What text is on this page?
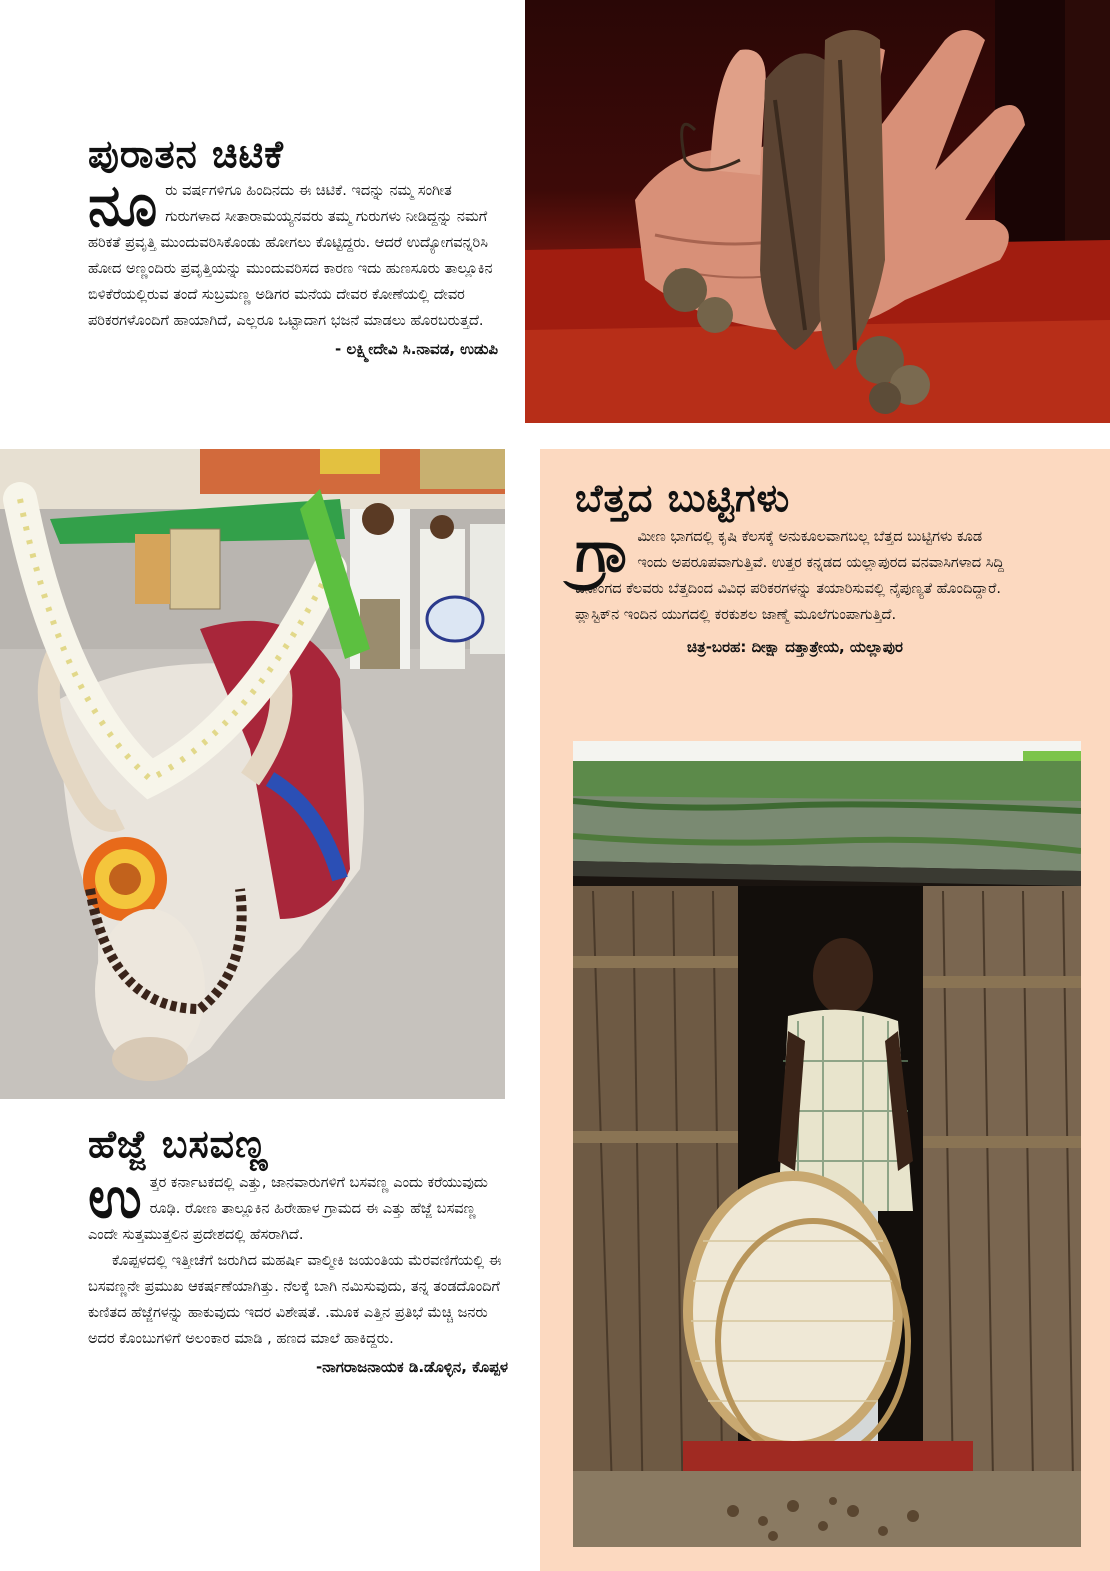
ಪುರಾತನ ಚಿಟಿಕೆ
ನೂ ರು ವರ್ಷಗಳಿಗೂ ಹಿಂದಿನದು ಈ ಚಿಟಿಕೆ. ಇದನ್ನು ನಮ್ಮ ಸಂಗೀತ ಗುರುಗಳಾದ ಸೀತಾರಾಮಯ್ಯನವರು ತಮ್ಮ ಗುರುಗಳು ನೀಡಿದ್ದನ್ನು ನಮಗೆ ಹರಿಕತೆ ಪ್ರವೃತ್ತಿ ಮುಂದುವರಿಸಿಕೊಂಡು ಹೋಗಲು ಕೊಟ್ಟಿದ್ದರು. ಆದರೆ ಉದ್ಯೋಗವನ್ನರಿಸಿ ಹೋದ ಅಣ್ಣಂದಿರು ಪ್ರವೃತ್ತಿಯನ್ನು ಮುಂದುವರಿಸದ ಕಾರಣ ಇದು ಹುಣಸೂರು ತಾಲ್ಲೂಕಿನ ಬಿಳಿಕೆರೆಯಲ್ಲಿರುವ ತಂದೆ ಸುಬ್ರಮಣ್ಣ ಅಡಿಗರ ಮನೆಯ ದೇವರ ಕೋಣೆಯಲ್ಲಿ ದೇವರ ಪರಿಕರಗಳೊಂದಿಗೆ ಹಾಯಾಗಿದೆ, ಎಲ್ಲರೂ ಒಟ್ಟಾದಾಗ ಭಜನೆ ಮಾಡಲು ಹೊರಬರುತ್ತದೆ.
- ಲಕ್ಷ್ಮೀದೇವಿ ಸಿ.ನಾವಡ, ಉಡುಪಿ
ಬೆತ್ತದ ಬುಟ್ಟಿಗಳು
ಗ್ರಾ ಮೀಣ ಭಾಗದಲ್ಲಿ ಕೃಷಿ ಕೆಲಸಕ್ಕೆ ಅನುಕೂಲವಾಗಬಲ್ಲ ಬೆತ್ತದ ಬುಟ್ಟಿಗಳು ಕೂಡ ಇಂದು ಅಪರೂಪವಾಗುತ್ತಿವೆ. ಉತ್ತರ ಕನ್ನಡದ ಯಲ್ಲಾಪುರದ ವನವಾಸಿಗಳಾದ ಸಿದ್ದಿ ಜನಾಂಗದ ಕೆಲವರು ಬೆತ್ತದಿಂದ ವಿವಿಧ ಪರಿಕರಗಳನ್ನು ತಯಾರಿಸುವಲ್ಲಿ ನೈಪುಣ್ಯತೆ ಹೊಂದಿದ್ದಾರೆ. ಪ್ಲಾಸ್ಟಿಕ್‌ನ ಇಂದಿನ ಯುಗದಲ್ಲಿ ಕರಕುಶಲ ಜಾಣ್ಮೆ ಮೂಲೆಗುಂಪಾಗುತ್ತಿದೆ.
ಚಿತ್ರ-ಬರಹ: ದೀಕ್ಷಾ ದತ್ತಾತ್ರೇಯ, ಯಲ್ಲಾಪುರ
ಹೆಜ್ಜೆ ಬಸವಣ್ಣ
ಉ ತ್ತರ ಕರ್ನಾಟಕದಲ್ಲಿ ಎತ್ತು, ಜಾನವಾರುಗಳಿಗೆ ಬಸವಣ್ಣ ಎಂದು ಕರೆಯುವುದು ರೂಢಿ. ರೋಣ ತಾಲ್ಲೂಕಿನ ಹಿರೇಹಾಳ ಗ್ರಾಮದ ಈ ಎತ್ತು ಹೆಜ್ಜೆ ಬಸವಣ್ಣ ಎಂದೇ ಸುತ್ತಮುತ್ತಲಿನ ಪ್ರದೇಶದಲ್ಲಿ ಹೆಸರಾಗಿದೆ.
ಕೊಪ್ಪಳದಲ್ಲಿ ಇತ್ತೀಚೆಗೆ ಜರುಗಿದ ಮಹರ್ಷಿ ವಾಲ್ಮೀಕಿ ಜಯಂತಿಯ ಮೆರವಣಿಗೆಯಲ್ಲಿ ಈ ಬಸವಣ್ಣನೇ ಪ್ರಮುಖ ಆಕರ್ಷಣೆಯಾಗಿತ್ತು. ನೆಲಕ್ಕೆ ಬಾಗಿ ನಮಿಸುವುದು, ತನ್ನ ತಂಡದೊಂದಿಗೆ ಕುಣಿತದ ಹೆಜ್ಜೆಗಳನ್ನು ಹಾಕುವುದು ಇದರ ವಿಶೇಷತೆ. .ಮೂಕ ಎತ್ತಿನ ಪ್ರತಿಭೆ ಮೆಚ್ಚಿ ಜನರು ಅದರ ಕೊಂಬುಗಳಿಗೆ ಅಲಂಕಾರ ಮಾಡಿ , ಹಣದ ಮಾಲೆ ಹಾಕಿದ್ದರು.
-ನಾಗರಾಜನಾಯಕ ಡಿ.ಡೊಳ್ಳಿನ, ಕೊಪ್ಪಳ
